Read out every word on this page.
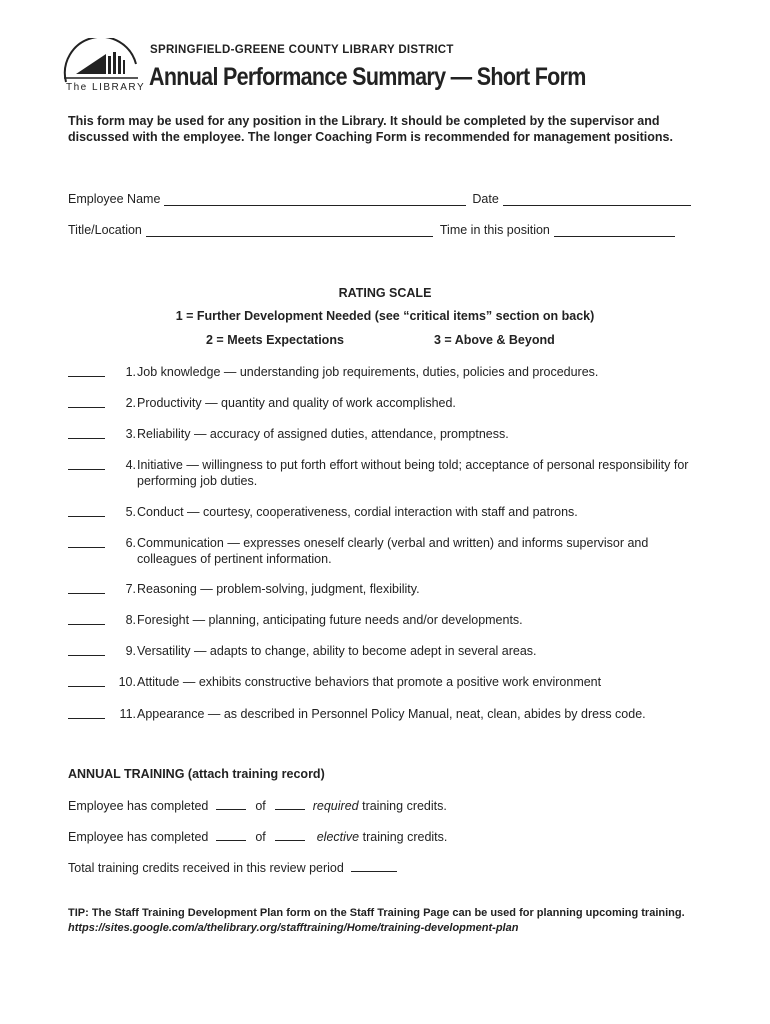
The LIBRARY
SPRINGFIELD-GREENE COUNTY LIBRARY DISTRICT
Annual Performance Summary — Short Form
This form may be used for any position in the Library. It should be completed by the supervisor and discussed with the employee. The longer Coaching Form is recommended for management positions.
Employee Name	Date
Title/Location	Time in this position
RATING SCALE
1 = Further Development Needed (see “critical items” section on back)
2 = Meets Expectations	3 = Above & Beyond
1. Job knowledge — understanding job requirements, duties, policies and procedures.
2. Productivity — quantity and quality of work accomplished.
3. Reliability — accuracy of assigned duties, attendance, promptness.
4. Initiative — willingness to put forth effort without being told; acceptance of personal responsibility for performing job duties.
5. Conduct — courtesy, cooperativeness, cordial interaction with staff and patrons.
6. Communication — expresses oneself clearly (verbal and written) and informs supervisor and colleagues of pertinent information.
7. Reasoning — problem-solving, judgment, flexibility.
8. Foresight — planning, anticipating future needs and/or developments.
9. Versatility — adapts to change, ability to become adept in several areas.
10. Attitude — exhibits constructive behaviors that promote a positive work environment
11. Appearance — as described in Personnel Policy Manual, neat, clean, abides by dress code.
ANNUAL TRAINING (attach training record)
Employee has completed	of	required training credits.
Employee has completed	of	elective training credits.
Total training credits received in this review period
TIP: The Staff Training Development Plan form on the Staff Training Page can be used for planning upcoming training. https://sites.google.com/a/thelibrary.org/stafftraining/Home/training-development-plan
